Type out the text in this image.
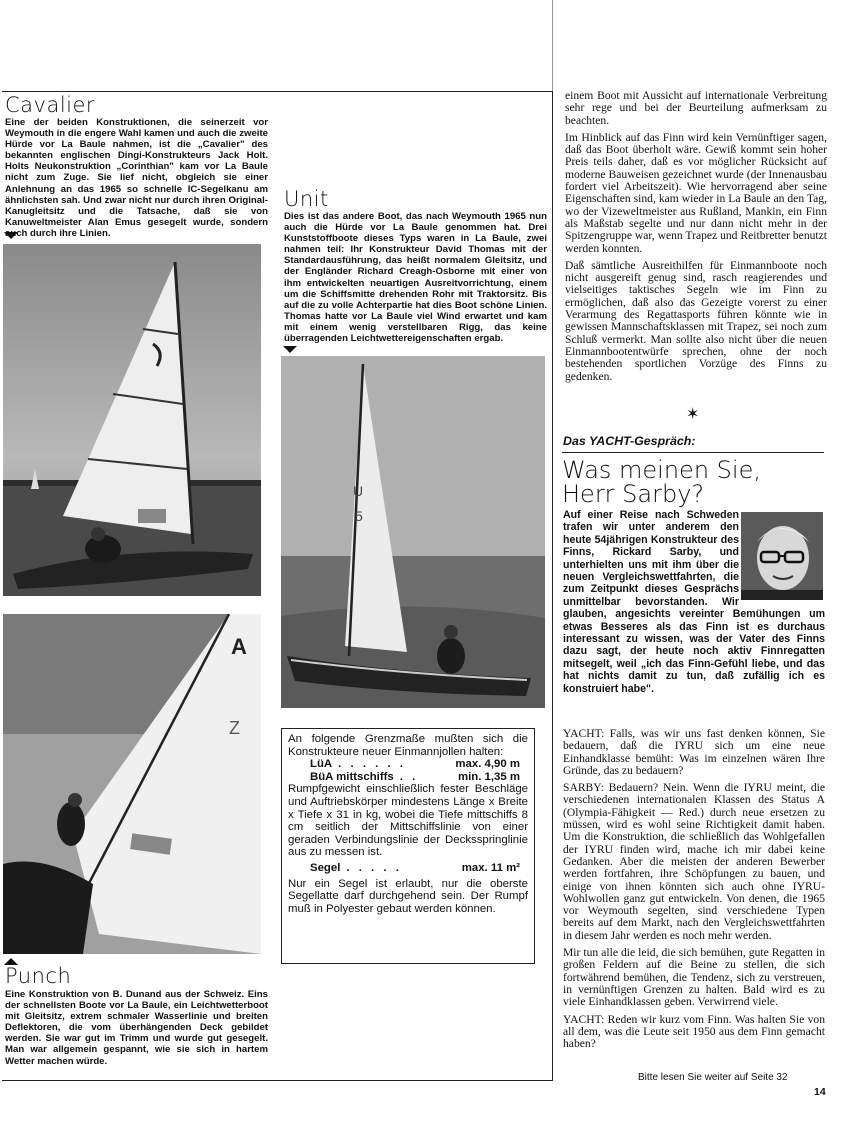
Cavalier
Eine der beiden Konstruktionen, die seinerzeit vor Weymouth in die engere Wahl kamen und auch die zweite Hürde vor La Baule nahmen, ist die „Cavalier" des bekannten englischen Dingi-Konstrukteurs Jack Holt. Holts Neukonstruktion „Corinthian" kam vor La Baule nicht zum Zuge. Sie lief nicht, obgleich sie einer Anlehnung an das 1965 so schnelle IC-Segelkanu am ähnlichsten sah. Und zwar nicht nur durch ihren Original-Kanugleitsitz und die Tatsache, daß sie von Kanuweltmeister Alan Emus gesegelt wurde, sondern auch durch ihre Linien.
Unit
Dies ist das andere Boot, das nach Weymouth 1965 nun auch die Hürde vor La Baule genommen hat. Drei Kunststoffboote dieses Typs waren in La Baule, zwei nahmen teil: Ihr Konstrukteur David Thomas mit der Standardausführung, das heißt normalem Gleitsitz, und der Engländer Richard Creagh-Osborne mit einer von ihm entwickelten neuartigen Ausreitvorrichtung, einem um die Schiffsmitte drehenden Rohr mit Traktorsitz. Bis auf die zu volle Achterpartie hat dies Boot schöne Linien. Thomas hatte vor La Baule viel Wind erwartet und kam mit einem wenig verstellbaren Rigg, das keine überragenden Leichtwettereigenschaften ergab.
U
5
A
Z
Punch
Eine Konstruktion von B. Dunand aus der Schweiz. Eins der schnellsten Boote vor La Baule, ein Leichtwetterboot mit Gleitsitz, extrem schmaler Wasserlinie und breiten Deflektoren, die vom überhängenden Deck gebildet werden. Sie war gut im Trimm und wurde gut gesegelt. Man war allgemein gespannt, wie sie sich in hartem Wetter machen würde.

An folgende Grenzmaße mußten sich die Konstrukteure neuer Einmannjollen halten:

LüA . . . . . .	max. 4,90 m
BüA mittschiffs . .	min. 1,35 m

Rumpfgewicht einschließlich fester Beschläge und Auftriebskörper mindestens Länge x Breite x Tiefe x 31 in kg, wobei die Tiefe mittschiffs 8 cm seitlich der Mittschiffslinie von einer geraden Verbindungslinie der Decksspringlinie aus zu messen ist.

Segel . . . . .	max. 11 m²

Nur ein Segel ist erlaubt, nur die oberste Segellatte darf durchgehend sein. Der Rumpf muß in Polyester gebaut werden können.

einem Boot mit Aussicht auf internationale Verbreitung sehr rege und bei der Beurteilung aufmerksam zu beachten.

Im Hinblick auf das Finn wird kein Vernünftiger sagen, daß das Boot überholt wäre. Gewiß kommt sein hoher Preis teils daher, daß es vor möglicher Rücksicht auf moderne Bauweisen gezeichnet wurde (der Innenausbau fordert viel Arbeitszeit). Wie hervorragend aber seine Eigenschaften sind, kam wieder in La Baule an den Tag, wo der Vizeweltmeister aus Rußland, Mankin, ein Finn als Maßstab segelte und nur dann nicht mehr in der Spitzengruppe war, wenn Trapez und Reitbretter benutzt werden konnten.

Daß sämtliche Ausreithilfen für Einmannboote noch nicht ausgereift genug sind, rasch reagierendes und vielseitiges taktisches Segeln wie im Finn zu ermöglichen, daß also das Gezeigte vorerst zu einer Verarmung des Regattasports führen könnte wie in gewissen Mannschaftsklassen mit Trapez, sei noch zum Schluß vermerkt. Man sollte also nicht über die neuen Einmannbootentwürfe sprechen, ohne der noch bestehenden sportlichen Vorzüge des Finns zu gedenken.

✶
Das YACHT-Gespräch:
Was meinen Sie,
Herr Sarby?
Auf einer Reise nach Schweden trafen wir unter anderem den heute 54jährigen Konstrukteur des Finns, Rickard Sarby, und unterhielten uns mit ihm über die neuen Vergleichswettfahrten, die zum Zeitpunkt dieses Gesprächs unmittelbar bevorstanden. Wir glauben, angesichts vereinter Bemühungen um etwas Besseres als das Finn ist es durchaus interessant zu wissen, was der Vater des Finns dazu sagt, der heute noch aktiv Finnregatten mitsegelt, weil „ich das Finn-Gefühl liebe, und das hat nichts damit zu tun, daß zufällig ich es konstruiert habe".

YACHT: Falls, was wir uns fast denken können, Sie bedauern, daß die IYRU sich um eine neue Einhandklasse bemüht: Was im einzelnen wären Ihre Gründe, das zu bedauern?

SARBY: Bedauern? Nein. Wenn die IYRU meint, die verschiedenen internationalen Klassen des Status A (Olympia-Fähigkeit — Red.) durch neue ersetzen zu müssen, wird es wohl seine Richtigkeit damit haben. Um die Konstruktion, die schließlich das Wohlgefallen der IYRU finden wird, mache ich mir dabei keine Gedanken. Aber die meisten der anderen Bewerber werden fortfahren, ihre Schöpfungen zu bauen, und einige von ihnen könnten sich auch ohne IYRU-Wohlwollen ganz gut entwickeln. Von denen, die 1965 vor Weymouth segelten, sind verschiedene Typen bereits auf dem Markt, nach den Vergleichswettfahrten in diesem Jahr werden es noch mehr werden.

Mir tun alle die leid, die sich bemühen, gute Regatten in großen Feldern auf die Beine zu stellen, die sich fortwährend bemühen, die Tendenz, sich zu verstreuen, in vernünftigen Grenzen zu halten. Bald wird es zu viele Einhandklassen geben. Verwirrend viele.

YACHT: Reden wir kurz vom Finn. Was halten Sie von all dem, was die Leute seit 1950 aus dem Finn gemacht haben?

Bitte lesen Sie weiter auf Seite 32
14
